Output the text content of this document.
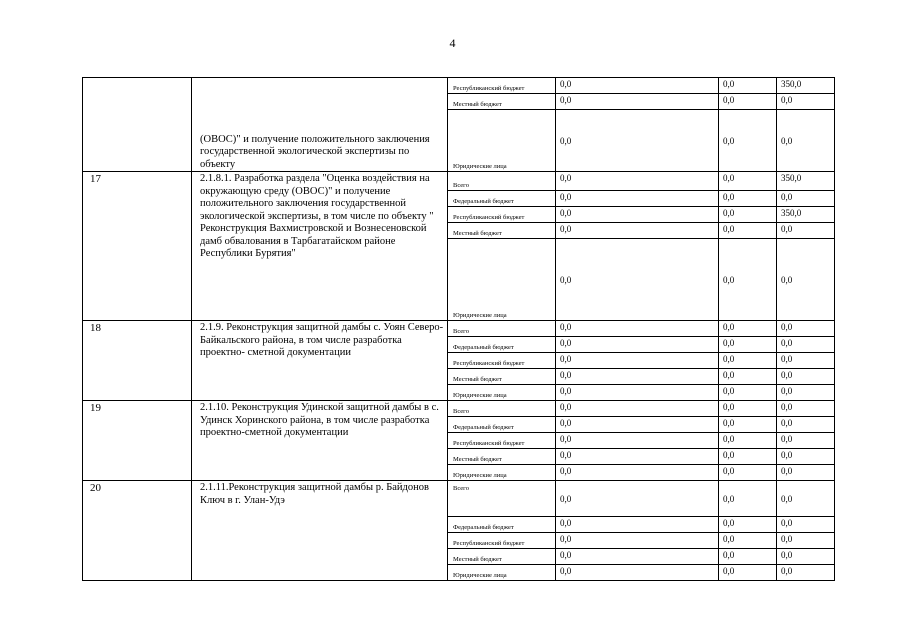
4
	(ОВОС)" и получение положительного заключения государственной экологической экспертизы по объекту	Республиканский бюджет	0,0	0,0	350,0
		Местный бюджет	0,0	0,0	0,0
		Юридические лица	0,0	0,0	0,0
17	2.1.8.1. Разработка раздела "Оценка воздействия на окружающую среду (ОВОС)" и получение положительного заключения государственной экологической экспертизы, в том числе по объекту " Реконструкция Вахмистровской и Вознесеновской дамб обвалования в Тарбагатайском районе Республики Бурятия"	Всего	0,0	0,0	350,0
		Федеральный бюджет	0,0	0,0	0,0
		Республиканский бюджет	0,0	0,0	350,0
		Местный бюджет	0,0	0,0	0,0
		Юридические лица	0,0	0,0	0,0
18	2.1.9. Реконструкция защитной дамбы с. Уоян Северо- Байкальского района, в том числе разработка проектно- сметной документации	Всего	0,0	0,0	0,0
		Федеральный бюджет	0,0	0,0	0,0
		Республиканский бюджет	0,0	0,0	0,0
		Местный бюджет	0,0	0,0	0,0
		Юридические лица	0,0	0,0	0,0
19	2.1.10. Реконструкция Удинской защитной дамбы в с. Удинск Хоринского района, в том числе разработка проектно-сметной документации	Всего	0,0	0,0	0,0
		Федеральный бюджет	0,0	0,0	0,0
		Республиканский бюджет	0,0	0,0	0,0
		Местный бюджет	0,0	0,0	0,0
		Юридические лица	0,0	0,0	0,0
20	2.1.11.Реконструкция защитной дамбы р. Байдонов Ключ в г. Улан-Удэ	Всего	0,0	0,0	0,0
		Федеральный бюджет	0,0	0,0	0,0
		Республиканский бюджет	0,0	0,0	0,0
		Местный бюджет	0,0	0,0	0,0
		Юридические лица	0,0	0,0	0,0
